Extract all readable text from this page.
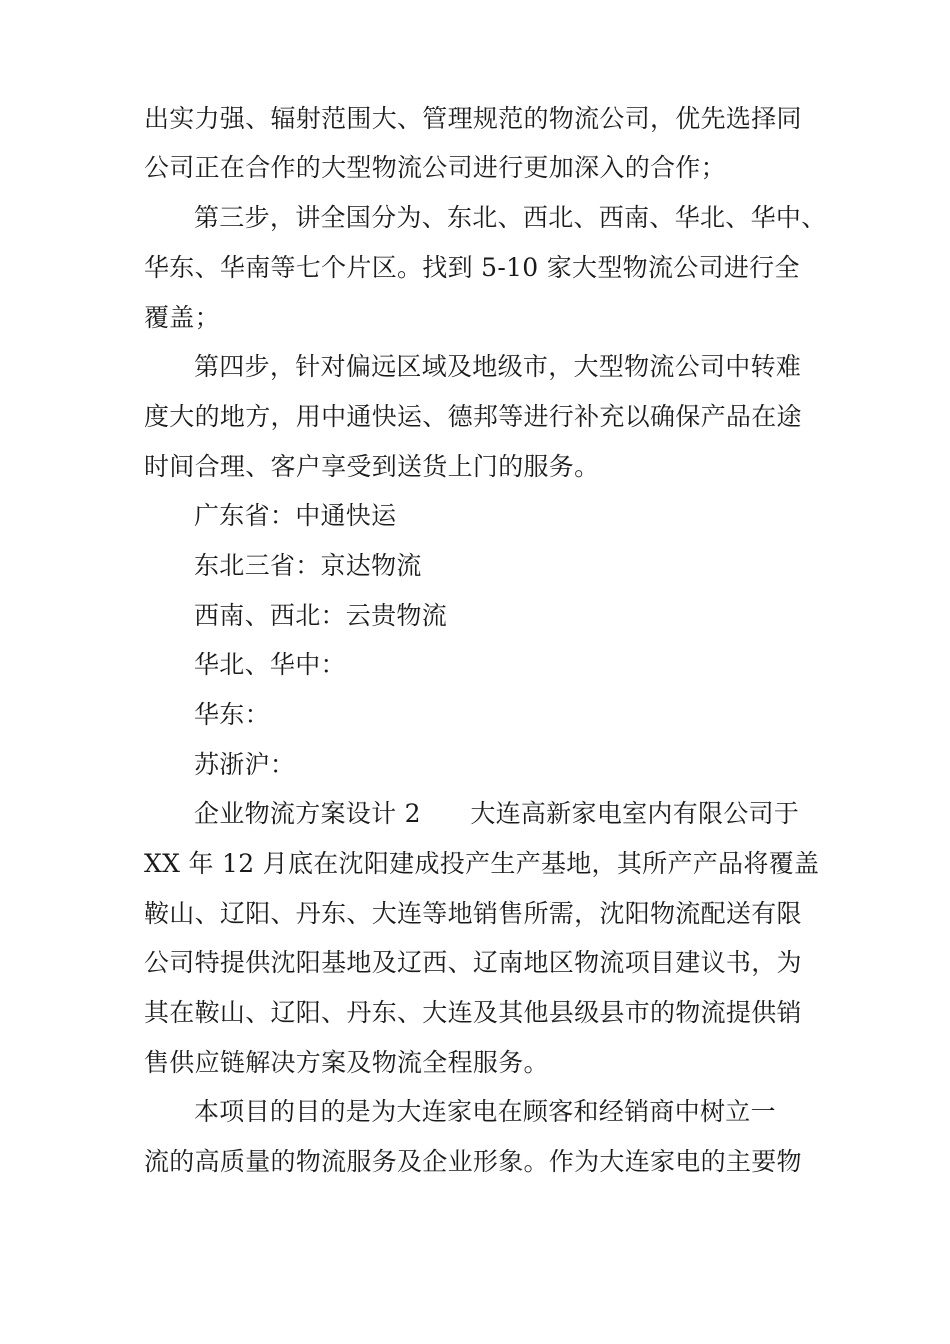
出实力强、辐射范围大、管理规范的物流公司，优先选择同
公司正在合作的大型物流公司进行更加深入的合作；
第三步，讲全国分为、东北、西北、西南、华北、华中、
华东、华南等七个片区。找到 5-10 家大型物流公司进行全
覆盖；
第四步，针对偏远区域及地级市，大型物流公司中转难
度大的地方，用中通快运、德邦等进行补充以确保产品在途
时间合理、客户享受到送货上门的服务。
广东省：中通快运
东北三省：京达物流
西南、西北：云贵物流
华北、华中：
华东：
苏浙沪：
企业物流方案设计 2      大连高新家电室内有限公司于
XX 年 12 月底在沈阳建成投产生产基地，其所产产品将覆盖
鞍山、辽阳、丹东、大连等地销售所需，沈阳物流配送有限
公司特提供沈阳基地及辽西、辽南地区物流项目建议书，为
其在鞍山、辽阳、丹东、大连及其他县级县市的物流提供销
售供应链解决方案及物流全程服务。
本项目的目的是为大连家电在顾客和经销商中树立一
流的高质量的物流服务及企业形象。作为大连家电的主要物
